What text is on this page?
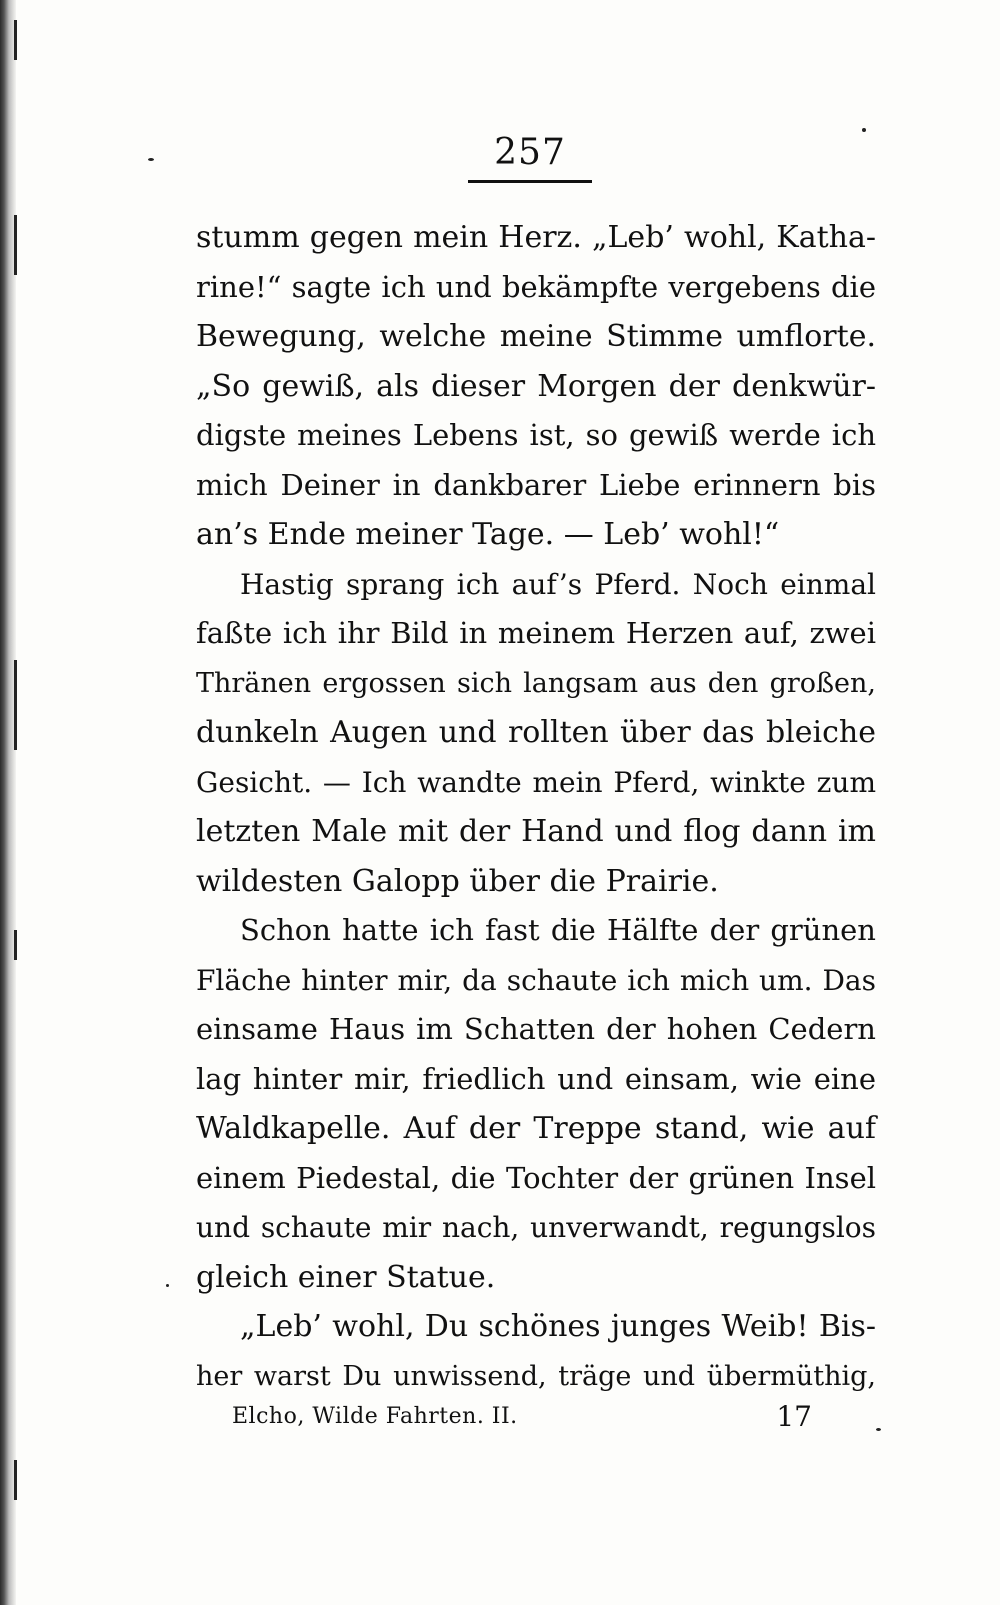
257
stumm gegen mein Herz. „Leb’ wohl, Katha-
rine!“ sagte ich und bekämpfte vergebens die
Bewegung, welche meine Stimme umflorte.
„So gewiß, als dieser Morgen der denkwür-
digste meines Lebens ist, so gewiß werde ich
mich Deiner in dankbarer Liebe erinnern bis
an’s Ende meiner Tage. — Leb’ wohl!“
Hastig sprang ich auf’s Pferd. Noch einmal
faßte ich ihr Bild in meinem Herzen auf, zwei
Thränen ergossen sich langsam aus den großen,
dunkeln Augen und rollten über das bleiche
Gesicht. — Ich wandte mein Pferd, winkte zum
letzten Male mit der Hand und flog dann im
wildesten Galopp über die Prairie.
Schon hatte ich fast die Hälfte der grünen
Fläche hinter mir, da schaute ich mich um. Das
einsame Haus im Schatten der hohen Cedern
lag hinter mir, friedlich und einsam, wie eine
Waldkapelle. Auf der Treppe stand, wie auf
einem Piedestal, die Tochter der grünen Insel
und schaute mir nach, unverwandt, regungslos
gleich einer Statue.
„Leb’ wohl, Du schönes junges Weib! Bis-
her warst Du unwissend, träge und übermüthig,
Elcho, Wilde Fahrten. II.	17
